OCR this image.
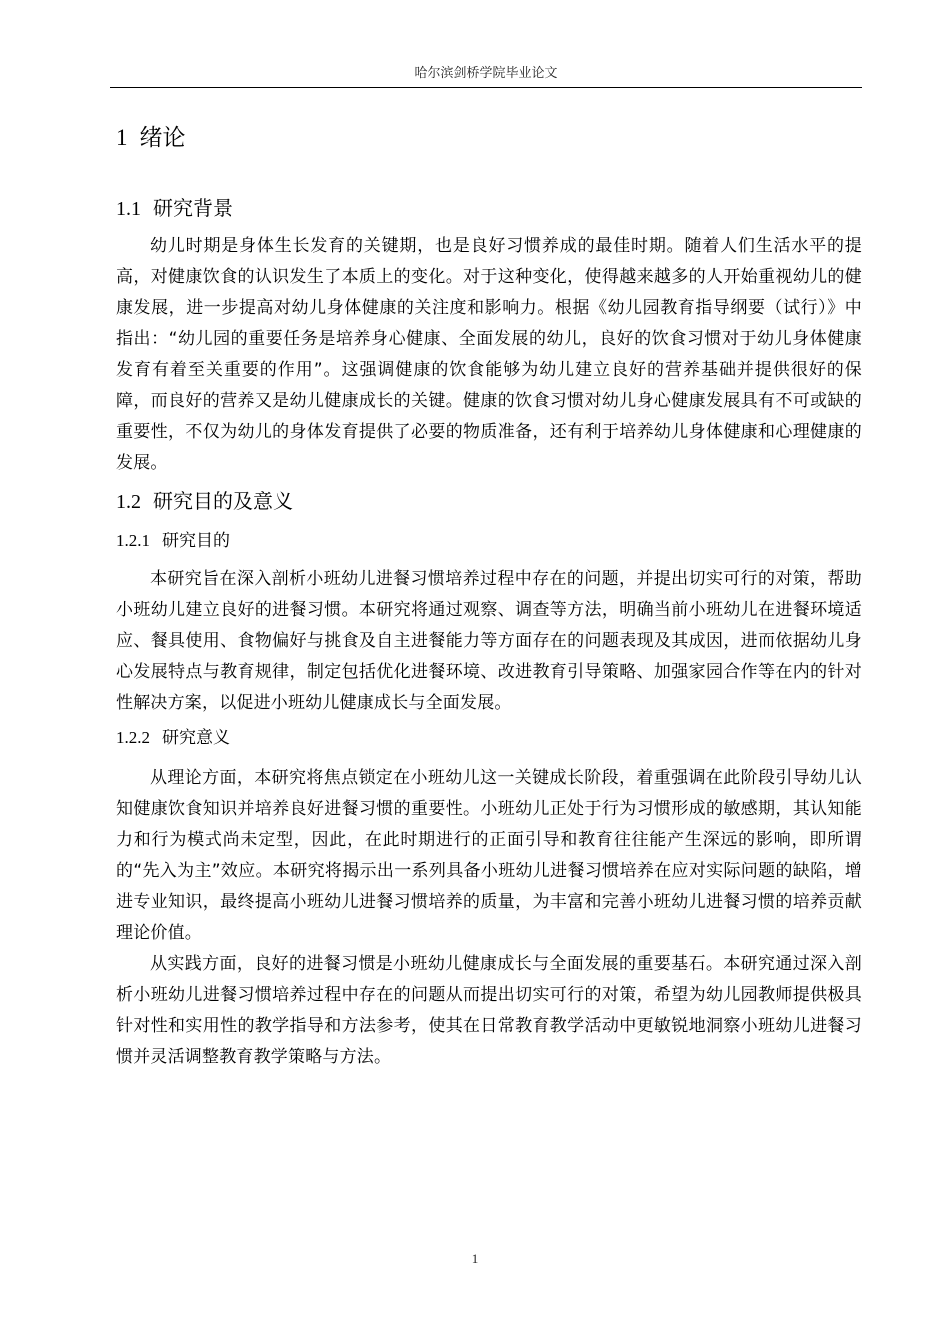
哈尔滨剑桥学院毕业论文
1 绪论
1.1 研究背景

幼儿时期是身体生长发育的关键期，也是良好习惯养成的最佳时期。随着人们生活水平的提高，对健康饮食的认识发生了本质上的变化。对于这种变化，使得越来越多的人开始重视幼儿的健康发展，进一步提高对幼儿身体健康的关注度和影响力。根据《幼儿园教育指导纲要（试行）》中指出：“幼儿园的重要任务是培养身心健康、全面发展的幼儿，良好的饮食习惯对于幼儿身体健康发育有着至关重要的作用”。这强调健康的饮食能够为幼儿建立良好的营养基础并提供很好的保障，而良好的营养又是幼儿健康成长的关键。健康的饮食习惯对幼儿身心健康发展具有不可或缺的重要性，不仅为幼儿的身体发育提供了必要的物质准备，还有利于培养幼儿身体健康和心理健康的发展。

1.2 研究目的及意义
1.2.1 研究目的

本研究旨在深入剖析小班幼儿进餐习惯培养过程中存在的问题，并提出切实可行的对策，帮助小班幼儿建立良好的进餐习惯。本研究将通过观察、调查等方法，明确当前小班幼儿在进餐环境适应、餐具使用、食物偏好与挑食及自主进餐能力等方面存在的问题表现及其成因，进而依据幼儿身心发展特点与教育规律，制定包括优化进餐环境、改进教育引导策略、加强家园合作等在内的针对性解决方案，以促进小班幼儿健康成长与全面发展。

1.2.2 研究意义

从理论方面，本研究将焦点锁定在小班幼儿这一关键成长阶段，着重强调在此阶段引导幼儿认知健康饮食知识并培养良好进餐习惯的重要性。小班幼儿正处于行为习惯形成的敏感期，其认知能力和行为模式尚未定型，因此，在此时期进行的正面引导和教育往往能产生深远的影响，即所谓的“先入为主”效应。本研究将揭示出一系列具备小班幼儿进餐习惯培养在应对实际问题的缺陷，增进专业知识，最终提高小班幼儿进餐习惯培养的质量，为丰富和完善小班幼儿进餐习惯的培养贡献理论价值。

从实践方面，良好的进餐习惯是小班幼儿健康成长与全面发展的重要基石。本研究通过深入剖析小班幼儿进餐习惯培养过程中存在的问题从而提出切实可行的对策，希望为幼儿园教师提供极具针对性和实用性的教学指导和方法参考，使其在日常教育教学活动中更敏锐地洞察小班幼儿进餐习惯并灵活调整教育教学策略与方法。

1
